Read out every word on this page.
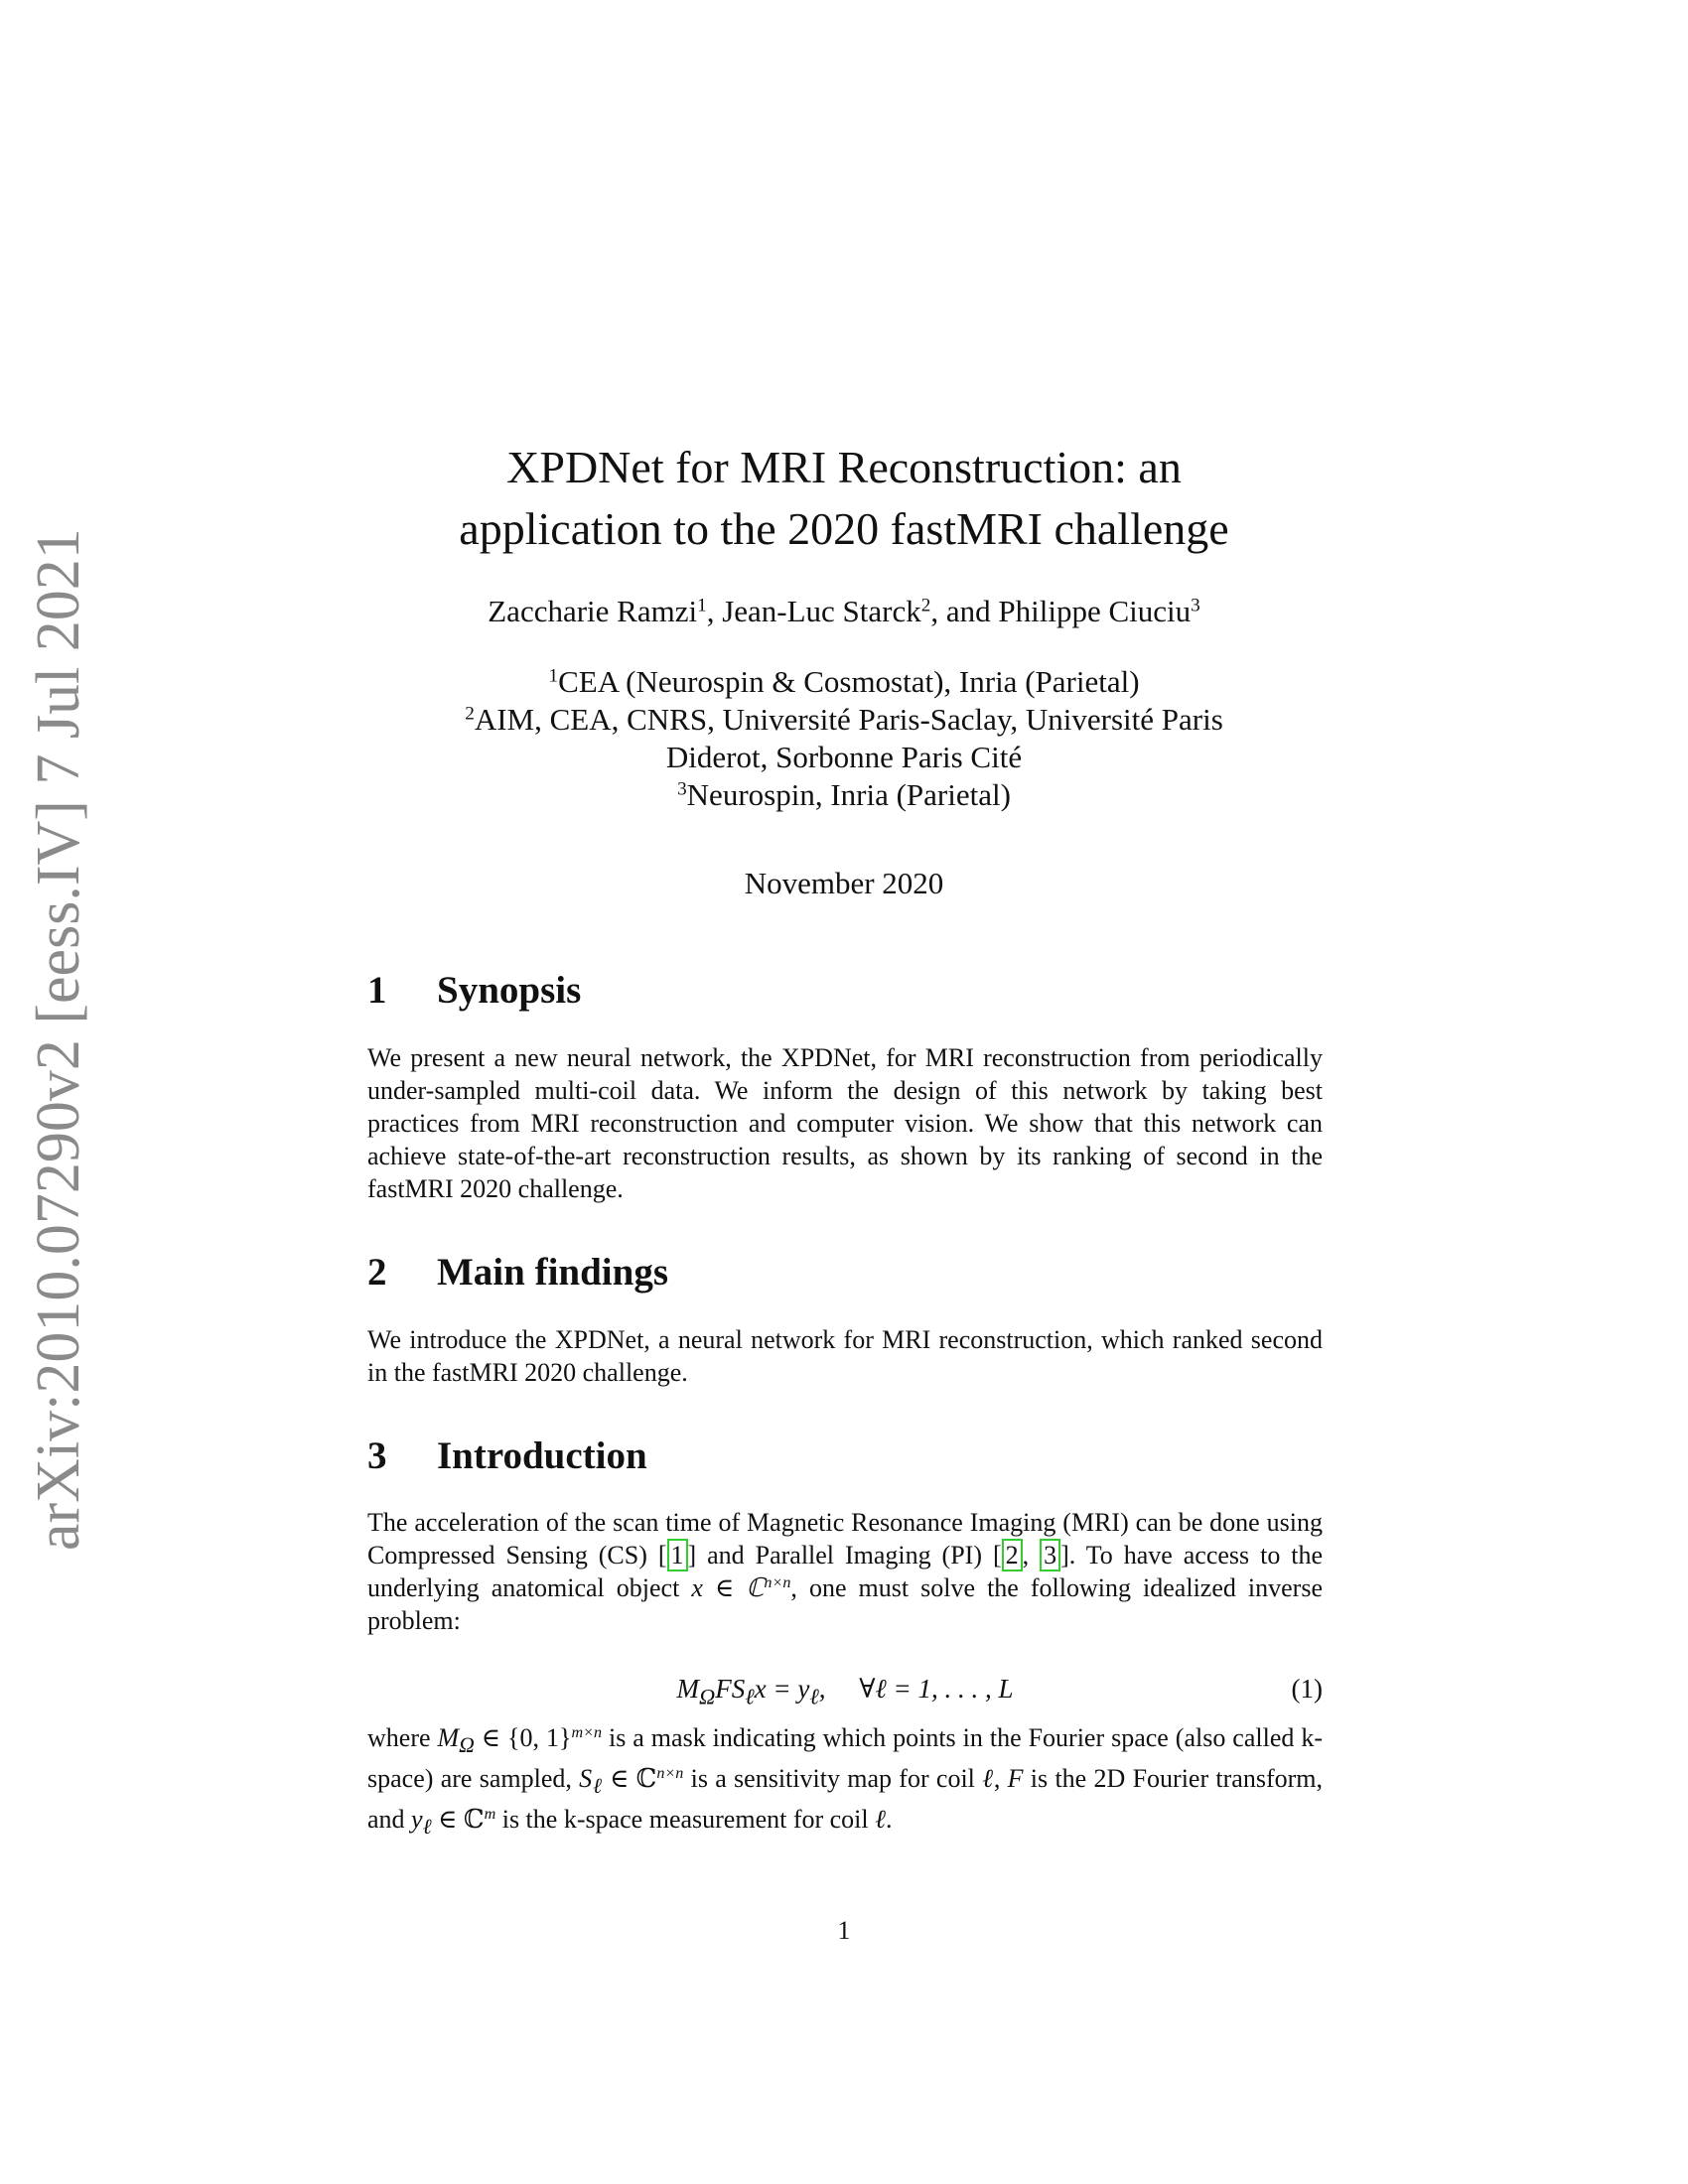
arXiv:2010.07290v2 [eess.IV] 7 Jul 2021
XPDNet for MRI Reconstruction: an
application to the 2020 fastMRI challenge
Zaccharie Ramzi$^1$, Jean-Luc Starck$^2$, and Philippe Ciuciu$^3$
$^1$CEA (Neurospin & Cosmostat), Inria (Parietal)
$^2$AIM, CEA, CNRS, Université Paris-Saclay, Université Paris
Diderot, Sorbonne Paris Cité
$^3$Neurospin, Inria (Parietal)
November 2020
1 Synopsis

We present a new neural network, the XPDNet, for MRI reconstruction from periodically under-sampled multi-coil data. We inform the design of this network by taking best practices from MRI reconstruction and computer vision. We show that this network can achieve state-of-the-art reconstruction results, as shown by its ranking of second in the fastMRI 2020 challenge.

2 Main findings

We introduce the XPDNet, a neural network for MRI reconstruction, which ranked second in the fastMRI 2020 challenge.

3 Introduction

The acceleration of the scan time of Magnetic Resonance Imaging (MRI) can be done using Compressed Sensing (CS) [ 1 ] and Parallel Imaging (PI) [ 2 , 3 ]. To have access to the underlying anatomical object x ∈ ℂ$^{n\times n}$, one must solve the following idealized inverse problem:

$M_\Omega FS_\ell x = y_\ell$,     ∀ℓ = 1, . . . , L	(1)

where $M_\Omega$ ∈ {0, 1}$^{m\times n}$ is a mask indicating which points in the Fourier space (also called k-space) are sampled, $S_\ell$ ∈ ℂ$^{n\times n}$ is a sensitivity map for coil ℓ, F is the 2D Fourier transform, and $y_\ell$ ∈ ℂ$^m$ is the k-space measurement for coil ℓ.

1
